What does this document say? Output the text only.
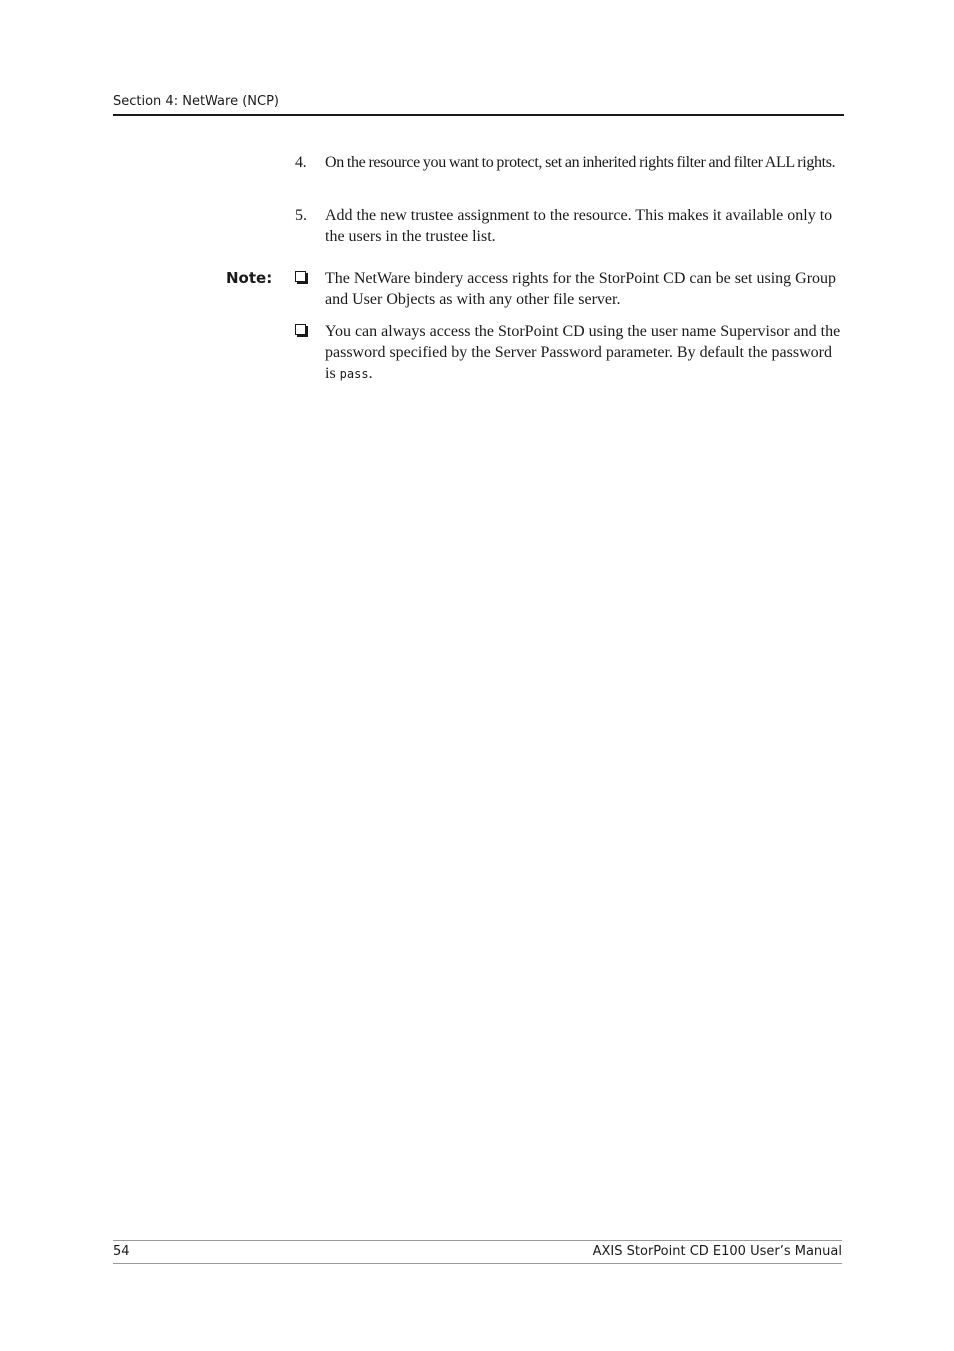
Section 4: NetWare (NCP)
4.	On the resource you want to protect, set an inherited rights filter and filter ALL rights.
5.	Add the new trustee assignment to the resource. This makes it available only to the users in the trustee list.
Note:	The NetWare bindery access rights for the StorPoint CD can be set using Group and User Objects as with any other file server.
You can always access the StorPoint CD using the user name Supervisor and the password specified by the Server Password parameter. By default the password is pass.
54	AXIS StorPoint CD E100 User’s Manual
